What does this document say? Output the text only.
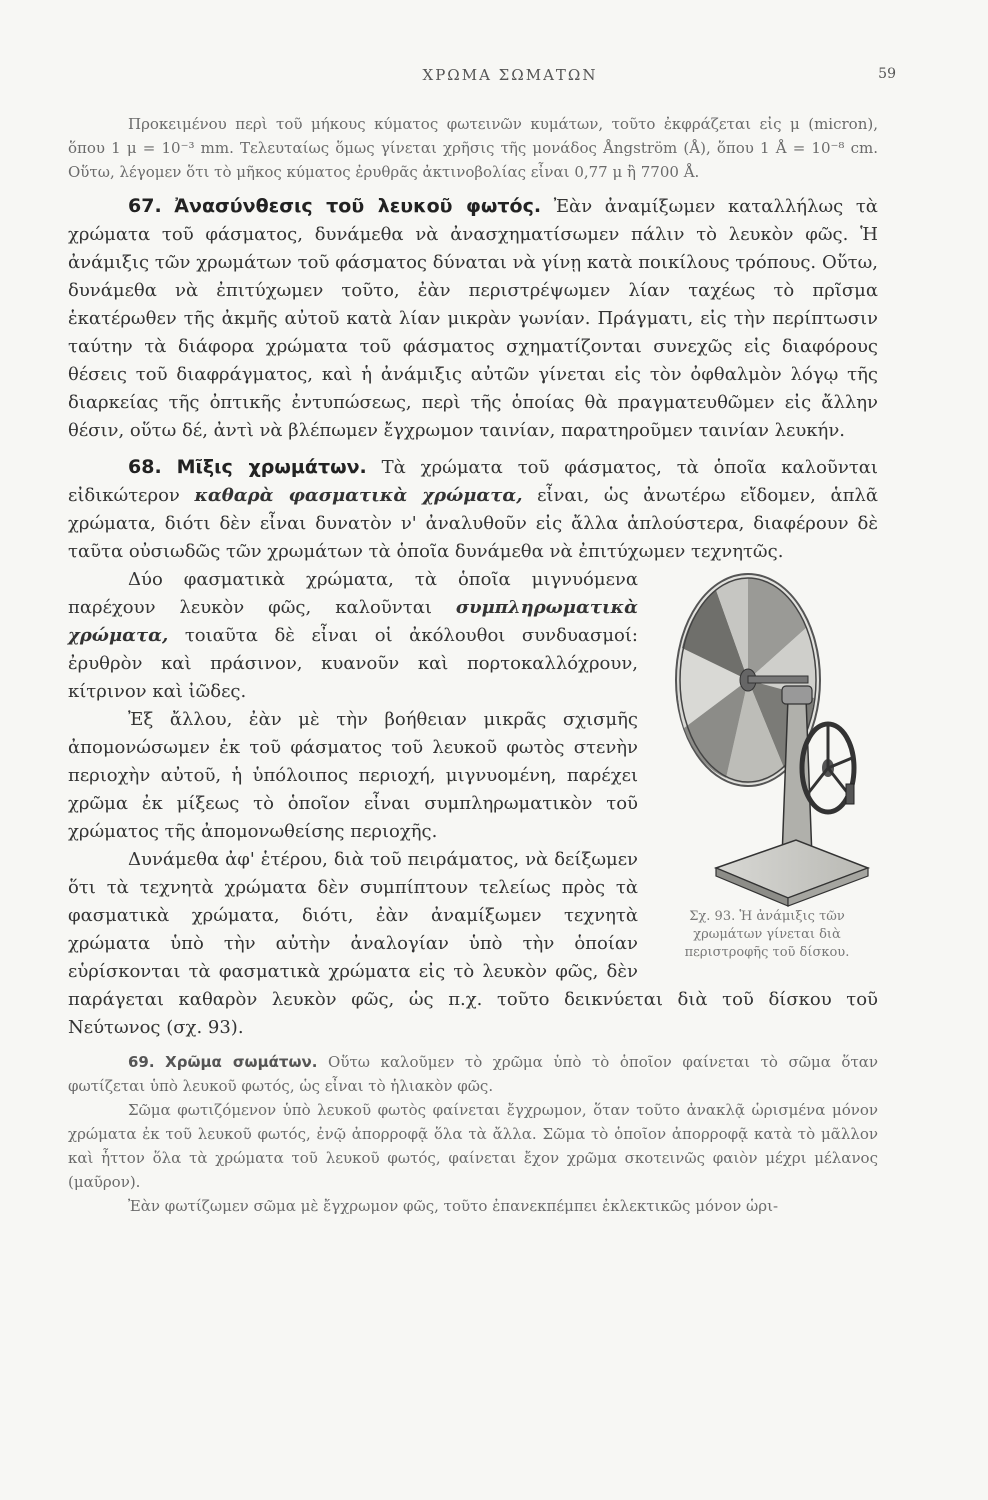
ΧΡΩΜΑ ΣΩΜΑΤΩΝ	59

Προκειμένου περὶ τοῦ μήκους κύματος φωτεινῶν κυμάτων, τοῦτο ἐκφράζεται εἰς μ (micron), ὅπου 1 μ = 10⁻³ mm. Τελευταίως ὅμως γίνεται χρῆσις τῆς μονάδος Ångström (Å), ὅπου 1 Å = 10⁻⁸ cm. Οὕτω, λέγομεν ὅτι τὸ μῆκος κύματος ἐρυθρᾶς ἀκτινοβολίας εἶναι 0,77 μ ἢ 7700 Å.

67. Ἀνασύνθεσις τοῦ λευκοῦ φωτός. Ἐὰν ἀναμίξωμεν καταλλήλως τὰ χρώματα τοῦ φάσματος, δυνάμεθα νὰ ἀνασχηματίσωμεν πάλιν τὸ λευκὸν φῶς. Ἡ ἀνάμιξις τῶν χρωμάτων τοῦ φάσματος δύναται νὰ γίνῃ κατὰ ποικίλους τρόπους. Οὕτω, δυνάμεθα νὰ ἐπιτύχωμεν τοῦτο, ἐὰν περιστρέψωμεν λίαν ταχέως τὸ πρῖσμα ἑκατέρωθεν τῆς ἀκμῆς αὐτοῦ κατὰ λίαν μικρὰν γωνίαν. Πράγματι, εἰς τὴν περίπτωσιν ταύτην τὰ διάφορα χρώματα τοῦ φάσματος σχηματίζονται συνεχῶς εἰς διαφόρους θέσεις τοῦ διαφράγματος, καὶ ἡ ἀνάμιξις αὐτῶν γίνεται εἰς τὸν ὀφθαλμὸν λόγῳ τῆς διαρκείας τῆς ὀπτικῆς ἐντυπώσεως, περὶ τῆς ὁποίας θὰ πραγματευθῶμεν εἰς ἄλλην θέσιν, οὕτω δέ, ἀντὶ νὰ βλέπωμεν ἔγχρωμον ταινίαν, παρατηροῦμεν ταινίαν λευκήν.

68. Μῖξις χρωμάτων. Τὰ χρώματα τοῦ φάσματος, τὰ ὁποῖα καλοῦνται εἰδικώτερον καθαρὰ φασματικὰ χρώματα, εἶναι, ὡς ἀνωτέρω εἴδομεν, ἁπλᾶ χρώματα, διότι δὲν εἶναι δυνατὸν ν' ἀναλυθοῦν εἰς ἄλλα ἁπλούστερα, διαφέρουν δὲ ταῦτα οὐσιωδῶς τῶν χρωμάτων τὰ ὁποῖα δυνάμεθα νὰ ἐπιτύχωμεν τεχνητῶς.

Σχ. 93. Ἡ ἀνάμιξις τῶν χρωμάτων γίνεται διὰ περιστροφῆς τοῦ δίσκου.

Δύο φασματικὰ χρώματα, τὰ ὁποῖα μιγνυόμενα παρέχουν λευκὸν φῶς, καλοῦνται συμπληρωματικὰ χρώματα, τοιαῦτα δὲ εἶναι οἱ ἀκόλουθοι συνδυασμοί: ἐρυθρὸν καὶ πράσινον, κυανοῦν καὶ πορτοκαλλόχρουν, κίτρινον καὶ ἰῶδες.

Ἐξ ἄλλου, ἐὰν μὲ τὴν βοήθειαν μικρᾶς σχισμῆς ἀπομονώσωμεν ἐκ τοῦ φάσματος τοῦ λευκοῦ φωτὸς στενὴν περιοχὴν αὐτοῦ, ἡ ὑπόλοιπος περιοχή, μιγνυομένη, παρέχει χρῶμα ἐκ μίξεως τὸ ὁποῖον εἶναι συμπληρωματικὸν τοῦ χρώματος τῆς ἀπομονωθείσης περιοχῆς.

Δυνάμεθα ἀφ' ἑτέρου, διὰ τοῦ πειράματος, νὰ δείξωμεν ὅτι τὰ τεχνητὰ χρώματα δὲν συμπίπτουν τελείως πρὸς τὰ φασματικὰ χρώματα, διότι, ἐὰν ἀναμίξωμεν τεχνητὰ χρώματα ὑπὸ τὴν αὐτὴν ἀναλογίαν ὑπὸ τὴν ὁποίαν εὑρίσκονται τὰ φασματικὰ χρώματα εἰς τὸ λευκὸν φῶς, δὲν παράγεται καθαρὸν λευκὸν φῶς, ὡς π.χ. τοῦτο δεικνύεται διὰ τοῦ δίσκου τοῦ Νεύτωνος (σχ. 93).

69. Χρῶμα σωμάτων. Οὕτω καλοῦμεν τὸ χρῶμα ὑπὸ τὸ ὁποῖον φαίνεται τὸ σῶμα ὅταν φωτίζεται ὑπὸ λευκοῦ φωτός, ὡς εἶναι τὸ ἡλιακὸν φῶς.

Σῶμα φωτιζόμενον ὑπὸ λευκοῦ φωτὸς φαίνεται ἔγχρωμον, ὅταν τοῦτο ἀνακλᾷ ὡρισμένα μόνον χρώματα ἐκ τοῦ λευκοῦ φωτός, ἐνῷ ἀπορροφᾷ ὅλα τὰ ἄλλα. Σῶμα τὸ ὁποῖον ἀπορροφᾷ κατὰ τὸ μᾶλλον καὶ ἧττον ὅλα τὰ χρώματα τοῦ λευκοῦ φωτός, φαίνεται ἔχον χρῶμα σκοτεινῶς φαιὸν μέχρι μέλανος (μαῦρον).

Ἐὰν φωτίζωμεν σῶμα μὲ ἔγχρωμον φῶς, τοῦτο ἐπανεκπέμπει ἐκλεκτικῶς μόνον ὡρι-
